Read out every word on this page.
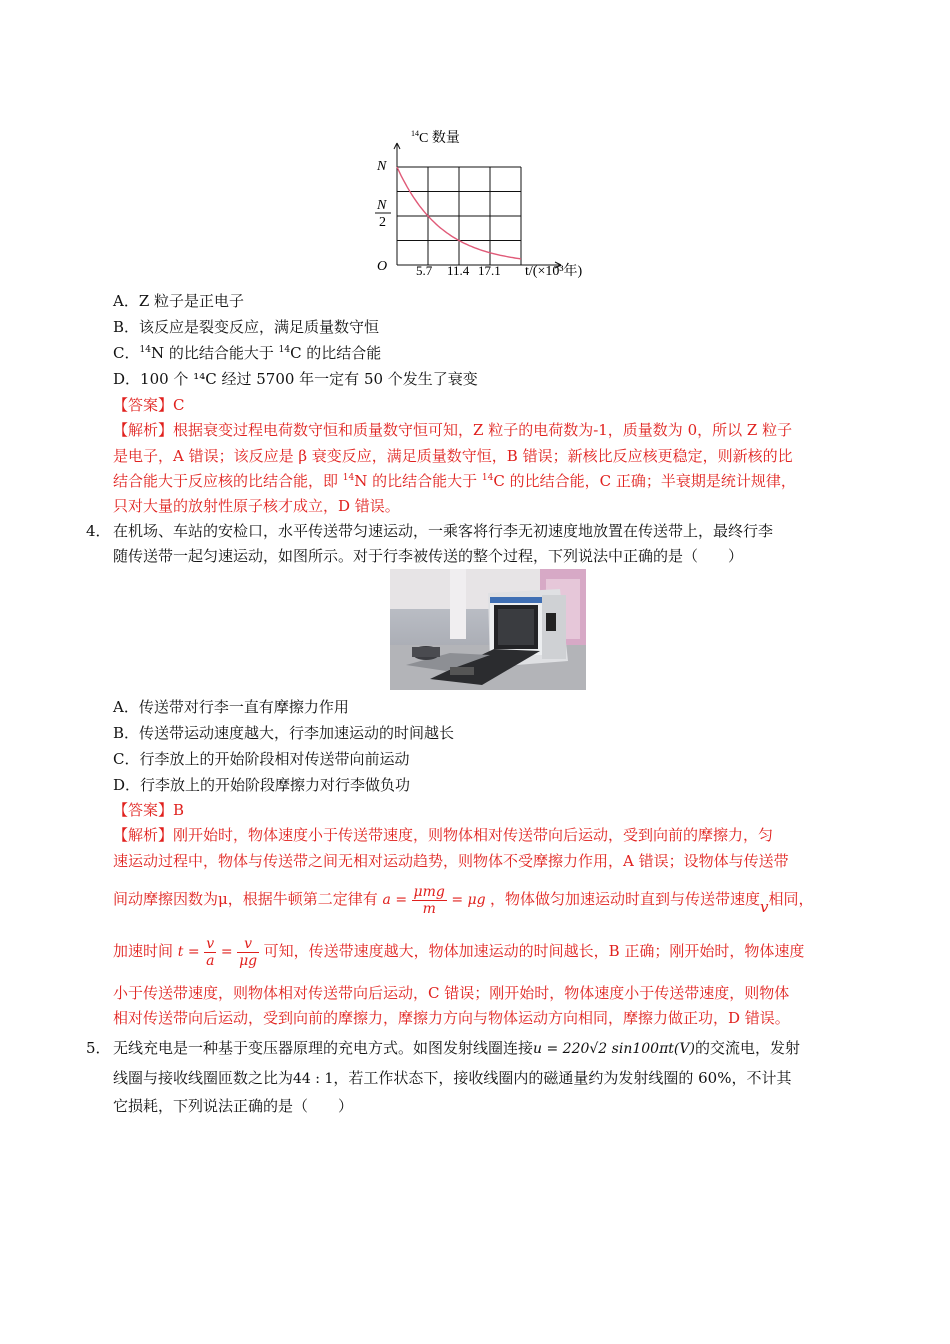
$^{14}$C 数量
N
N
2
O 5.7 11.4 17.1 t/(×10³年)
A．Z 粒子是正电子
B．该反应是裂变反应，满足质量数守恒
C．$^{14}$N 的比结合能大于 $^{14}$C 的比结合能
D．100 个 ¹⁴C 经过 5700 年一定有 50 个发生了衰变
【答案】C
【解析】根据衰变过程电荷数守恒和质量数守恒可知，Z 粒子的电荷数为-1，质量数为 0，所以 Z 粒子
是电子，A 错误；该反应是 β 衰变反应，满足质量数守恒，B 错误；新核比反应核更稳定，则新核的比
结合能大于反应核的比结合能，即 $^{14}$N 的比结合能大于 $^{14}$C 的比结合能，C 正确；半衰期是统计规律，
只对大量的放射性原子核才成立，D 错误。
4． 在机场、车站的安检口，水平传送带匀速运动，一乘客将行李无初速度地放置在传送带上，最终行李
随传送带一起匀速运动，如图所示。对于行李被传送的整个过程，下列说法中正确的是（　　）
A．传送带对行李一直有摩擦力作用
B．传送带运动速度越大，行李加速运动的时间越长
C．行李放上的开始阶段相对传送带向前运动
D．行李放上的开始阶段摩擦力对行李做负功
【答案】B
【解析】刚开始时，物体速度小于传送带速度，则物体相对传送带向后运动，受到向前的摩擦力，匀
速运动过程中，物体与传送带之间无相对运动趋势，则物体不受摩擦力作用，A 错误；设物体与传送带
间动摩擦因数为μ，根据牛顿第二定律有 $a = \frac{\text{μmg}}{m} = \mu g$ ，物体做匀加速运动时直到与传送带速度v相同，
加速时间 $t = \frac{v}{a} = \frac{v}{\mu g}$ 可知，传送带速度越大，物体加速运动的时间越长，B 正确；刚开始时，物体速度
小于传送带速度，则物体相对传送带向后运动，C 错误；刚开始时，物体速度小于传送带速度，则物体
相对传送带向后运动，受到向前的摩擦力，摩擦力方向与物体运动方向相同，摩擦力做正功，D 错误。
5． 无线充电是一种基于变压器原理的充电方式。如图发射线圈连接u = 220√2 sin100πt(V)的交流电，发射
线圈与接收线圈匝数之比为44 : 1，若工作状态下，接收线圈内的磁通量约为发射线圈的 60%，不计其
它损耗，下列说法正确的是（　　）
